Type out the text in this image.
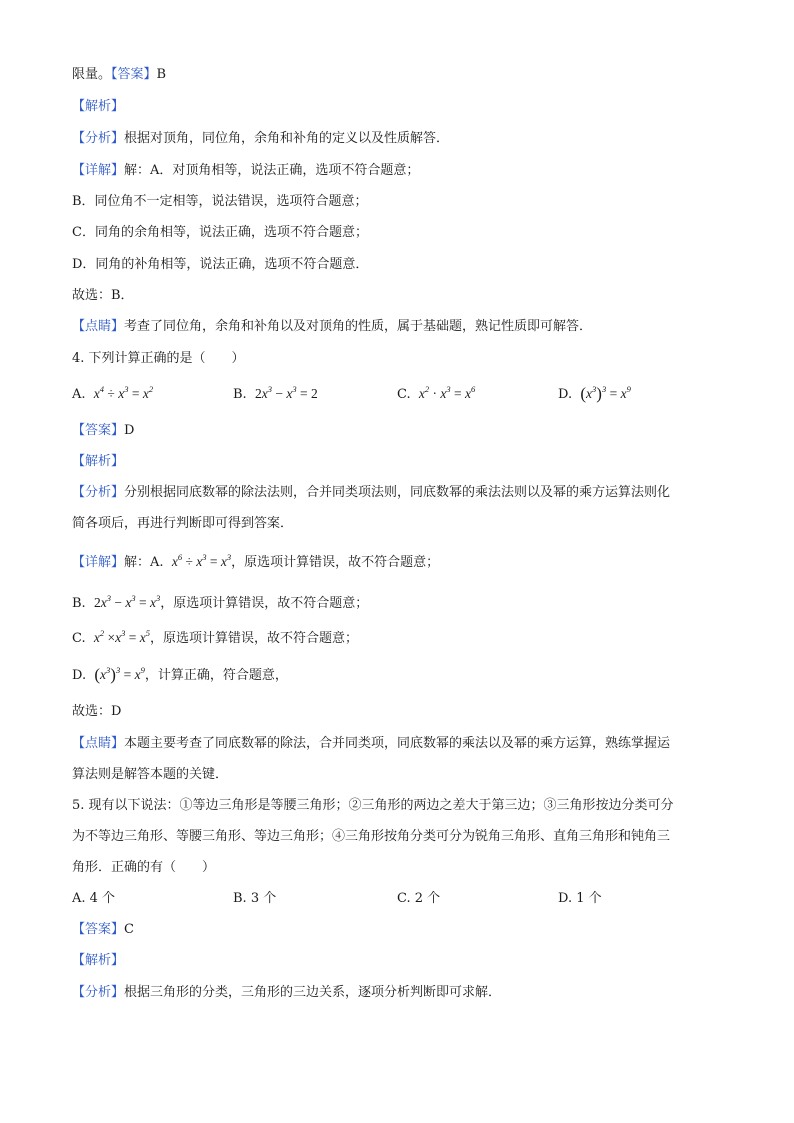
限量。【答案】B
【解析】
【分析】根据对顶角，同位角，余角和补角的定义以及性质解答．
【详解】解：A．对顶角相等，说法正确，选项不符合题意；
B．同位角不一定相等，说法错误，选项符合题意；
C．同角的余角相等，说法正确，选项不符合题意；
D．同角的补角相等，说法正确，选项不符合题意．
故选：B．
【点睛】考查了同位角，余角和补角以及对顶角的性质，属于基础题，熟记性质即可解答．
4. 下列计算正确的是（　　）
A. $x^4 \div x^3 = x^2$	B. $2x^3 - x^3 = 2$	C. $x^2 \cdot x^3 = x^6$	D. $(x^3)^3 = x^9$
【答案】D
【解析】
【分析】分别根据同底数幂的除法法则，合并同类项法则，同底数幂的乘法法则以及幂的乘方运算法则化
简各项后，再进行判断即可得到答案．
【详解】解：A. $x^6 \div x^3 = x^3$，原选项计算错误，故不符合题意；
B. $2x^3 - x^3 = x^3$，原选项计算错误，故不符合题意；
C. $x^2 \times x^3 = x^5$，原选项计算错误，故不符合题意；
D. $(x^3)^3 = x^9$，计算正确，符合题意，
故选：D
【点睛】本题主要考查了同底数幂的除法，合并同类项，同底数幂的乘法以及幂的乘方运算，熟练掌握运
算法则是解答本题的关键．
5. 现有以下说法：①等边三角形是等腰三角形；②三角形的两边之差大于第三边；③三角形按边分类可分
为不等边三角形、等腰三角形、等边三角形；④三角形按角分类可分为锐角三角形、直角三角形和钝角三
角形．正确的有（　　）
A. 4 个	B. 3 个	C. 2 个	D. 1 个
【答案】C
【解析】
【分析】根据三角形的分类，三角形的三边关系，逐项分析判断即可求解．
